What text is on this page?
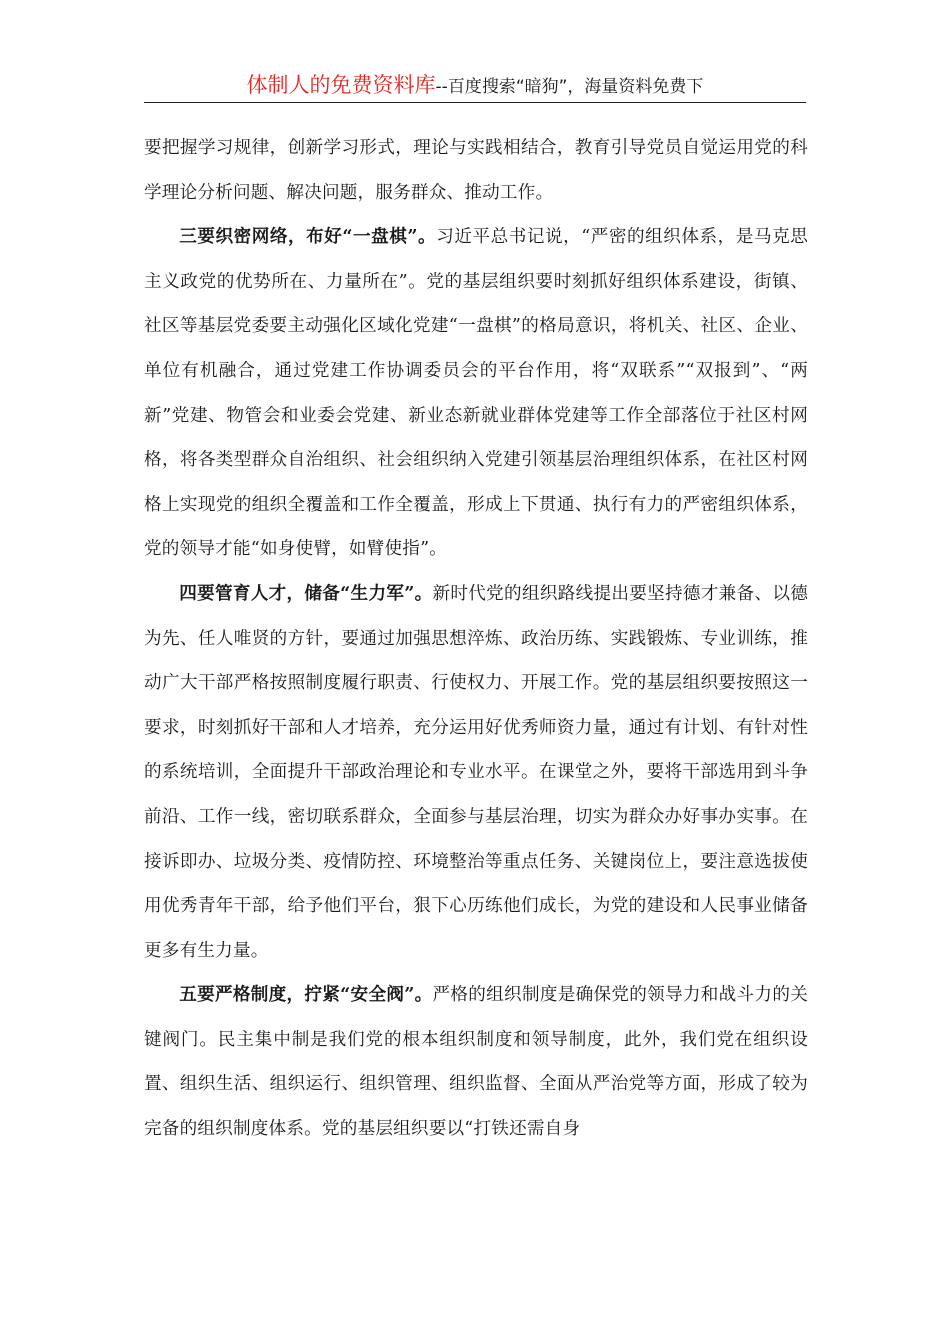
体制人的免费资料库--百度搜索“暗狗”，海量资料免费下

要把握学习规律，创新学习形式，理论与实践相结合，教育引导党员自觉运用党的科学理论分析问题、解决问题，服务群众、推动工作。

三要织密网络，布好“一盘棋”。习近平总书记说，“严密的组织体系，是马克思主义政党的优势所在、力量所在”。党的基层组织要时刻抓好组织体系建设，街镇、社区等基层党委要主动强化区域化党建“一盘棋”的格局意识，将机关、社区、企业、单位有机融合，通过党建工作协调委员会的平台作用，将“双联系”“双报到”、“两新”党建、物管会和业委会党建、新业态新就业群体党建等工作全部落位于社区村网格，将各类型群众自治组织、社会组织纳入党建引领基层治理组织体系，在社区村网格上实现党的组织全覆盖和工作全覆盖，形成上下贯通、执行有力的严密组织体系，党的领导才能“如身使臂，如臂使指”。

四要管育人才，储备“生力军”。新时代党的组织路线提出要坚持德才兼备、以德为先、任人唯贤的方针，要通过加强思想淬炼、政治历练、实践锻炼、专业训练，推动广大干部严格按照制度履行职责、行使权力、开展工作。党的基层组织要按照这一要求，时刻抓好干部和人才培养，充分运用好优秀师资力量，通过有计划、有针对性的系统培训，全面提升干部政治理论和专业水平。在课堂之外，要将干部选用到斗争前沿、工作一线，密切联系群众，全面参与基层治理，切实为群众办好事办实事。在接诉即办、垃圾分类、疫情防控、环境整治等重点任务、关键岗位上，要注意选拔使用优秀青年干部，给予他们平台，狠下心历练他们成长，为党的建设和人民事业储备更多有生力量。

五要严格制度，拧紧“安全阀”。严格的组织制度是确保党的领导力和战斗力的关键阀门。民主集中制是我们党的根本组织制度和领导制度，此外，我们党在组织设置、组织生活、组织运行、组织管理、组织监督、全面从严治党等方面，形成了较为完备的组织制度体系。党的基层组织要以“打铁还需自身
